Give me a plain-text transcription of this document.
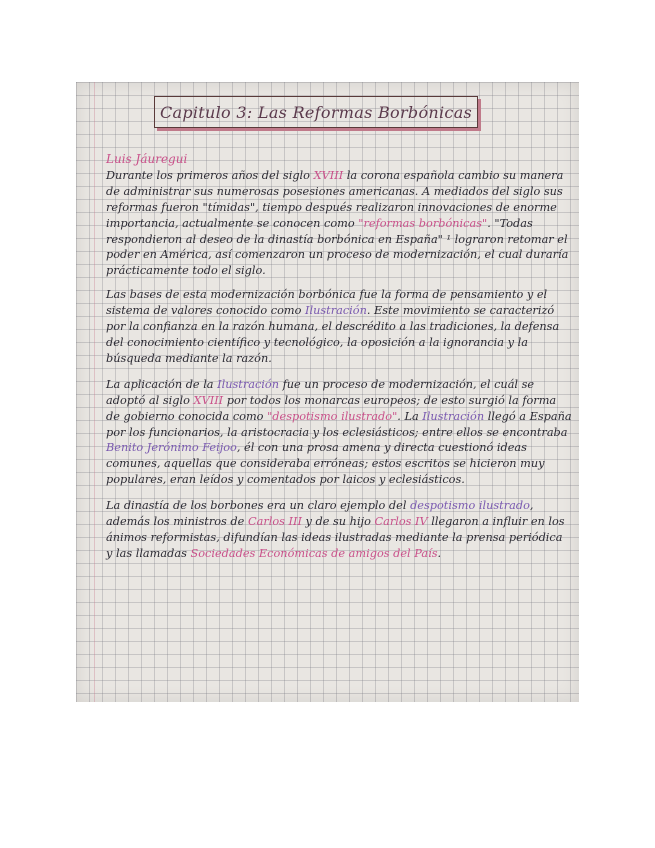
Capitulo 3: Las Reformas Borbónicas
Luis Jáuregui

Durante los primeros años del siglo XVIII la corona española cambio su manera de administrar sus numerosas posesiones americanas. A mediados del siglo sus reformas fueron "tímidas", tiempo después realizaron innovaciones de enorme importancia, actualmente se conocen como "reformas borbónicas". "Todas respondieron al deseo de la dinastía borbónica en España" ¹ lograron retomar el poder en América, así comenzaron un proceso de modernización, el cual duraría prácticamente todo el siglo.

Las bases de esta modernización borbónica fue la forma de pensamiento y el sistema de valores conocido como Ilustración. Este movimiento se caracterizó por la confianza en la razón humana, el descrédito a las tradiciones, la defensa del conocimiento científico y tecnológico, la oposición a la ignorancia y la búsqueda mediante la razón.

La aplicación de la Ilustración fue un proceso de modernización, el cuál se adoptó al siglo XVIII por todos los monarcas europeos; de esto surgió la forma de gobierno conocida como "despotismo ilustrado". La Ilustración llegó a España por los funcionarios, la aristocracia y los eclesiásticos; entre ellos se encontraba Benito Jerónimo Feijoo, él con una prosa amena y directa cuestionó ideas comunes, aquellas que consideraba erróneas; estos escritos se hicieron muy populares, eran leídos y comentados por laicos y eclesiásticos.

La dinastía de los borbones era un claro ejemplo del despotismo ilustrado, además los ministros de Carlos III y de su hijo Carlos IV llegaron a influir en los ánimos reformistas, difundían las ideas ilustradas mediante la prensa periódica y las llamadas Sociedades Económicas de amigos del País.
